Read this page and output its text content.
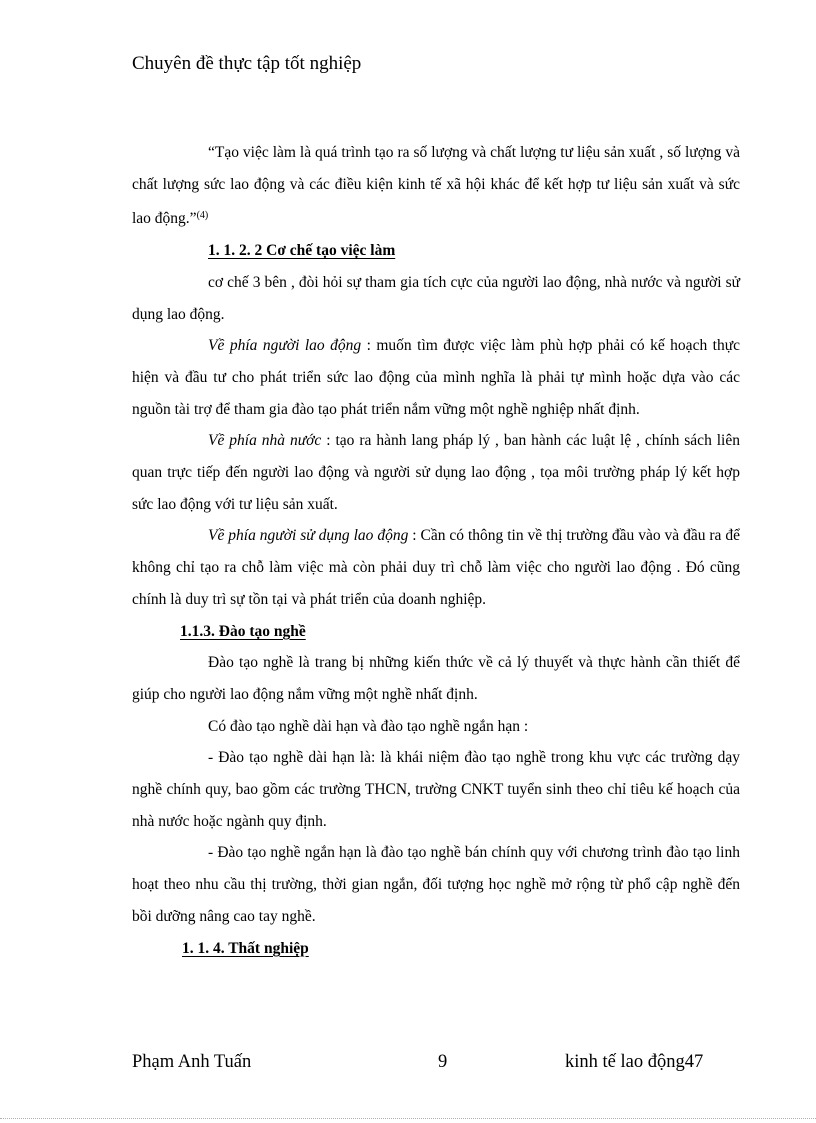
Chuyên đề thực tập tốt nghiệp

“Tạo việc làm là quá trình tạo ra số lượng và chất lượng tư liệu sản xuất , số lượng và chất lượng sức lao động và các điều kiện kinh tế xã hội khác để kết hợp tư liệu sản xuất và sức lao động.”$^{(4)}$

1. 1. 2. 2 Cơ chế tạo việc làm

cơ chế 3 bên , đòi hỏi sự tham gia tích cực của người lao động, nhà nước và người sử dụng lao động.

Về phía người lao động : muốn tìm được việc làm phù hợp phải có kế hoạch thực hiện và đầu tư cho phát triển sức lao động của mình nghĩa là phải tự mình hoặc dựa vào các nguồn tài trợ để tham gia đào tạo phát triển nắm vững một nghề nghiệp nhất định.

Về phía nhà nước : tạo ra hành lang pháp lý , ban hành các luật lệ , chính sách liên quan trực tiếp đến người lao động và người sử dụng lao động , tọa môi trường pháp lý kết hợp sức lao động với tư liệu sản xuất.

Về phía người sử dụng lao động : Cần có thông tin về thị trường đầu vào và đầu ra để không chỉ tạo ra chỗ làm việc mà còn phải duy trì chỗ làm việc cho người lao động . Đó cũng chính là duy trì sự tồn tại và phát triển của doanh nghiệp.

1.1.3. Đào tạo nghề

Đào tạo nghề là trang bị những kiến thức về cả lý thuyết và thực hành cần thiết để giúp cho người lao động nắm vững một nghề nhất định.

Có đào tạo nghề dài hạn và đào tạo nghề ngắn hạn :

- Đào tạo nghề dài hạn là: là khái niệm đào tạo nghề trong khu vực các trường dạy nghề chính quy, bao gồm các trường THCN, trường CNKT tuyển sinh theo chỉ tiêu kế hoạch của nhà nước hoặc ngành quy định.

- Đào tạo nghề ngắn hạn là đào tạo nghề bán chính quy với chương trình đào tạo linh hoạt theo nhu cầu thị trường, thời gian ngắn, đối tượng học nghề mở rộng từ phổ cập nghề đến bồi dưỡng nâng cao tay nghề.

1. 1. 4. Thất nghiệp
Phạm Anh Tuấn	9	kinh tế lao động47
